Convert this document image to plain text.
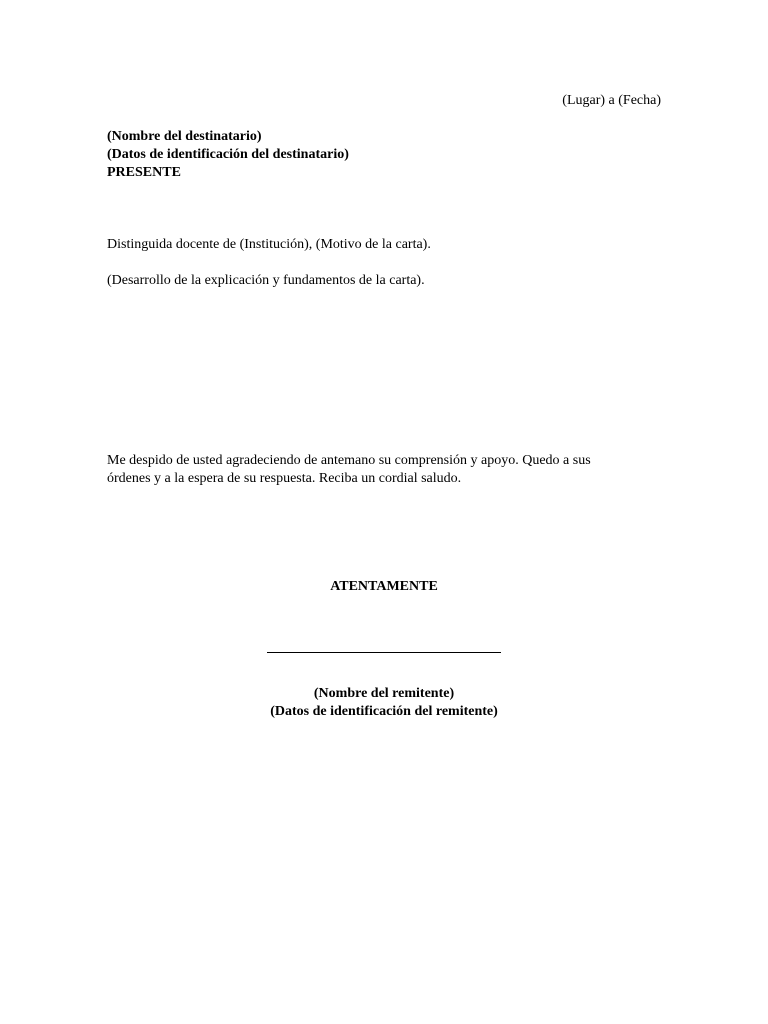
(Lugar) a (Fecha)
(Nombre del destinatario)
(Datos de identificación del destinatario)
PRESENTE
Distinguida docente de (Institución), (Motivo de la carta).
(Desarrollo de la explicación y fundamentos de la carta).
Me despido de usted agradeciendo de antemano su comprensión y apoyo. Quedo a sus
órdenes y a la espera de su respuesta. Reciba un cordial saludo.
ATENTAMENTE
(Nombre del remitente)
(Datos de identificación del remitente)
